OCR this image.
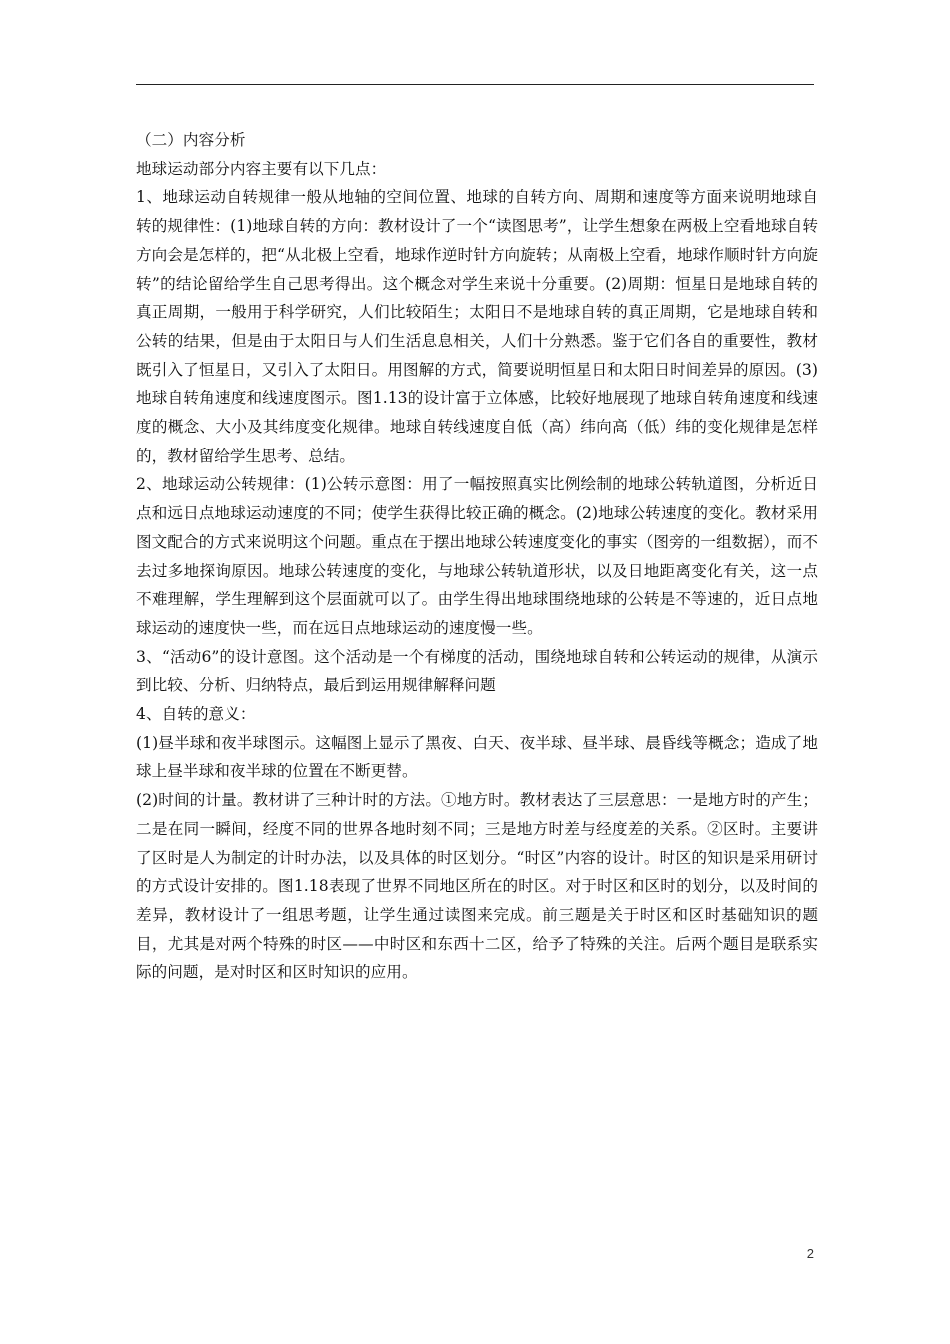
（二）内容分析

地球运动部分内容主要有以下几点：

1、地球运动自转规律一般从地轴的空间位置、地球的自转方向、周期和速度等方面来说明地球自转的规律性：(1)地球自转的方向：教材设计了一个“读图思考”，让学生想象在两极上空看地球自转方向会是怎样的，把“从北极上空看，地球作逆时针方向旋转；从南极上空看，地球作顺时针方向旋转”的结论留给学生自己思考得出。这个概念对学生来说十分重要。(2)周期：恒星日是地球自转的真正周期，一般用于科学研究，人们比较陌生；太阳日不是地球自转的真正周期，它是地球自转和公转的结果，但是由于太阳日与人们生活息息相关，人们十分熟悉。鉴于它们各自的重要性，教材既引入了恒星日，又引入了太阳日。用图解的方式，简要说明恒星日和太阳日时间差异的原因。(3)地球自转角速度和线速度图示。图1.13的设计富于立体感，比较好地展现了地球自转角速度和线速度的概念、大小及其纬度变化规律。地球自转线速度自低（高）纬向高（低）纬的变化规律是怎样的，教材留给学生思考、总结。

2、地球运动公转规律：(1)公转示意图：用了一幅按照真实比例绘制的地球公转轨道图，分析近日点和远日点地球运动速度的不同；使学生获得比较正确的概念。(2)地球公转速度的变化。教材采用图文配合的方式来说明这个问题。重点在于摆出地球公转速度变化的事实（图旁的一组数据），而不去过多地探询原因。地球公转速度的变化，与地球公转轨道形状，以及日地距离变化有关，这一点不难理解，学生理解到这个层面就可以了。由学生得出地球围绕地球的公转是不等速的，近日点地球运动的速度快一些，而在远日点地球运动的速度慢一些。

3、“活动6”的设计意图。这个活动是一个有梯度的活动，围绕地球自转和公转运动的规律，从演示到比较、分析、归纳特点，最后到运用规律解释问题

4、自转的意义：

(1)昼半球和夜半球图示。这幅图上显示了黑夜、白天、夜半球、昼半球、晨昏线等概念；造成了地球上昼半球和夜半球的位置在不断更替。

(2)时间的计量。教材讲了三种计时的方法。①地方时。教材表达了三层意思：一是地方时的产生；二是在同一瞬间，经度不同的世界各地时刻不同；三是地方时差与经度差的关系。②区时。主要讲了区时是人为制定的计时办法，以及具体的时区划分。“时区”内容的设计。时区的知识是采用研讨的方式设计安排的。图1.18表现了世界不同地区所在的时区。对于时区和区时的划分，以及时间的差异，教材设计了一组思考题，让学生通过读图来完成。前三题是关于时区和区时基础知识的题目，尤其是对两个特殊的时区——中时区和东西十二区，给予了特殊的关注。后两个题目是联系实际的问题，是对时区和区时知识的应用。

2
